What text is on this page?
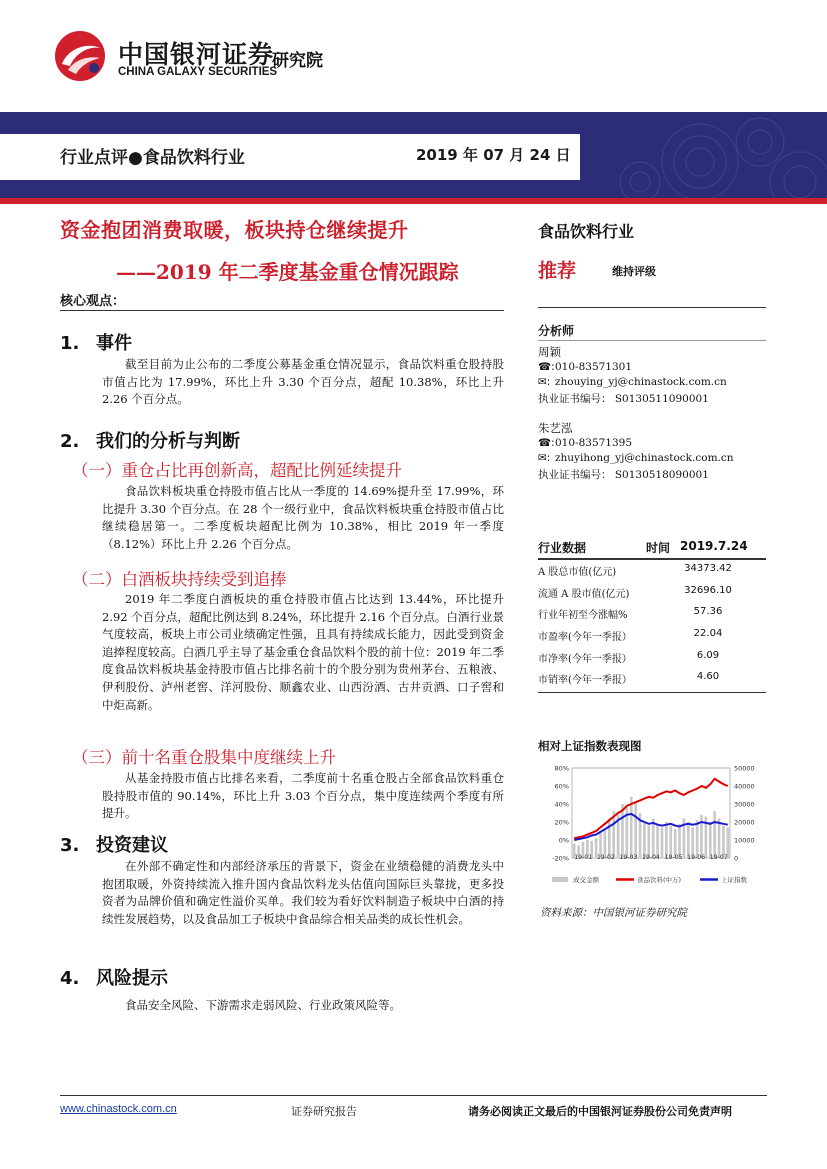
中国银河证券
CHINA GALAXY SECURITIES
研究院
行业点评●食品饮料行业	2019 年 07 月 24 日
资金抱团消费取暖，板块持仓继续提升
——2019 年二季度基金重仓情况跟踪
核心观点：
1. 事件
截至目前为止公布的二季度公募基金重仓情况显示，食品饮料重仓股持股市值占比为 17.99%，环比上升 3.30 个百分点，超配 10.38%，环比上升 2.26 个百分点。
2. 我们的分析与判断
（一）重仓占比再创新高，超配比例延续提升
食品饮料板块重仓持股市值占比从一季度的 14.69%提升至 17.99%，环比提升 3.30 个百分点。在 28 个一级行业中，食品饮料板块重仓持股市值占比继续稳居第一。二季度板块超配比例为 10.38%，相比 2019 年一季度（8.12%）环比上升 2.26 个百分点。
（二）白酒板块持续受到追捧
2019 年二季度白酒板块的重仓持股市值占比达到 13.44%，环比提升 2.92 个百分点，超配比例达到 8.24%，环比提升 2.16 个百分点。白酒行业景气度较高，板块上市公司业绩确定性强，且具有持续成长能力，因此受到资金追捧程度较高。白酒几乎主导了基金重仓食品饮料个股的前十位：2019 年二季度食品饮料板块基金持股市值占比排名前十的个股分别为贵州茅台、五粮液、伊利股份、泸州老窖、洋河股份、顺鑫农业、山西汾酒、古井贡酒、口子窖和中炬高新。
（三）前十名重仓股集中度继续上升
从基金持股市值占比排名来看，二季度前十名重仓股占全部食品饮料重仓股持股市值的 90.14%，环比上升 3.03 个百分点，集中度连续两个季度有所提升。
3. 投资建议
在外部不确定性和内部经济承压的背景下，资金在业绩稳健的消费龙头中抱团取暖，外资持续流入推升国内食品饮料龙头估值向国际巨头靠拢，更多投资者为品牌价值和确定性溢价买单。我们较为看好饮料制造子板块中白酒的持续性发展趋势，以及食品加工子板块中食品综合相关品类的成长性机会。
4. 风险提示
食品安全风险、下游需求走弱风险、行业政策风险等。
食品饮料行业
推荐	维持评级
分析师
周颖
☎:010-83571301
✉: zhouying_yj@chinastock.com.cn
执业证书编号： S0130511090001
朱艺泓
☎:010-83571395
✉: zhuyihong_yj@chinastock.com.cn
执业证书编号： S0130518090001
行业数据	时间 2019.7.24
A 股总市值(亿元)	34373.42
流通 A 股市值(亿元)	32696.10
行业年初至今涨幅%	57.36
市盈率(今年一季报）	22.04
市净率(今年一季报）	6.09
市销率(今年一季报）	4.60
相对上证指数表现图
80%
60%
40%
20%
0%
-20%
50000
40000
30000
20000
10000
0
19-01 19-02 19-03 19-04 19-05 19-06 19-07
成交金额	食品饮料(中万)	上证指数
资料来源：中国银河证券研究院
www.chinastock.com.cn	证券研究报告	请务必阅读正文最后的中国银河证券股份公司免责声明
